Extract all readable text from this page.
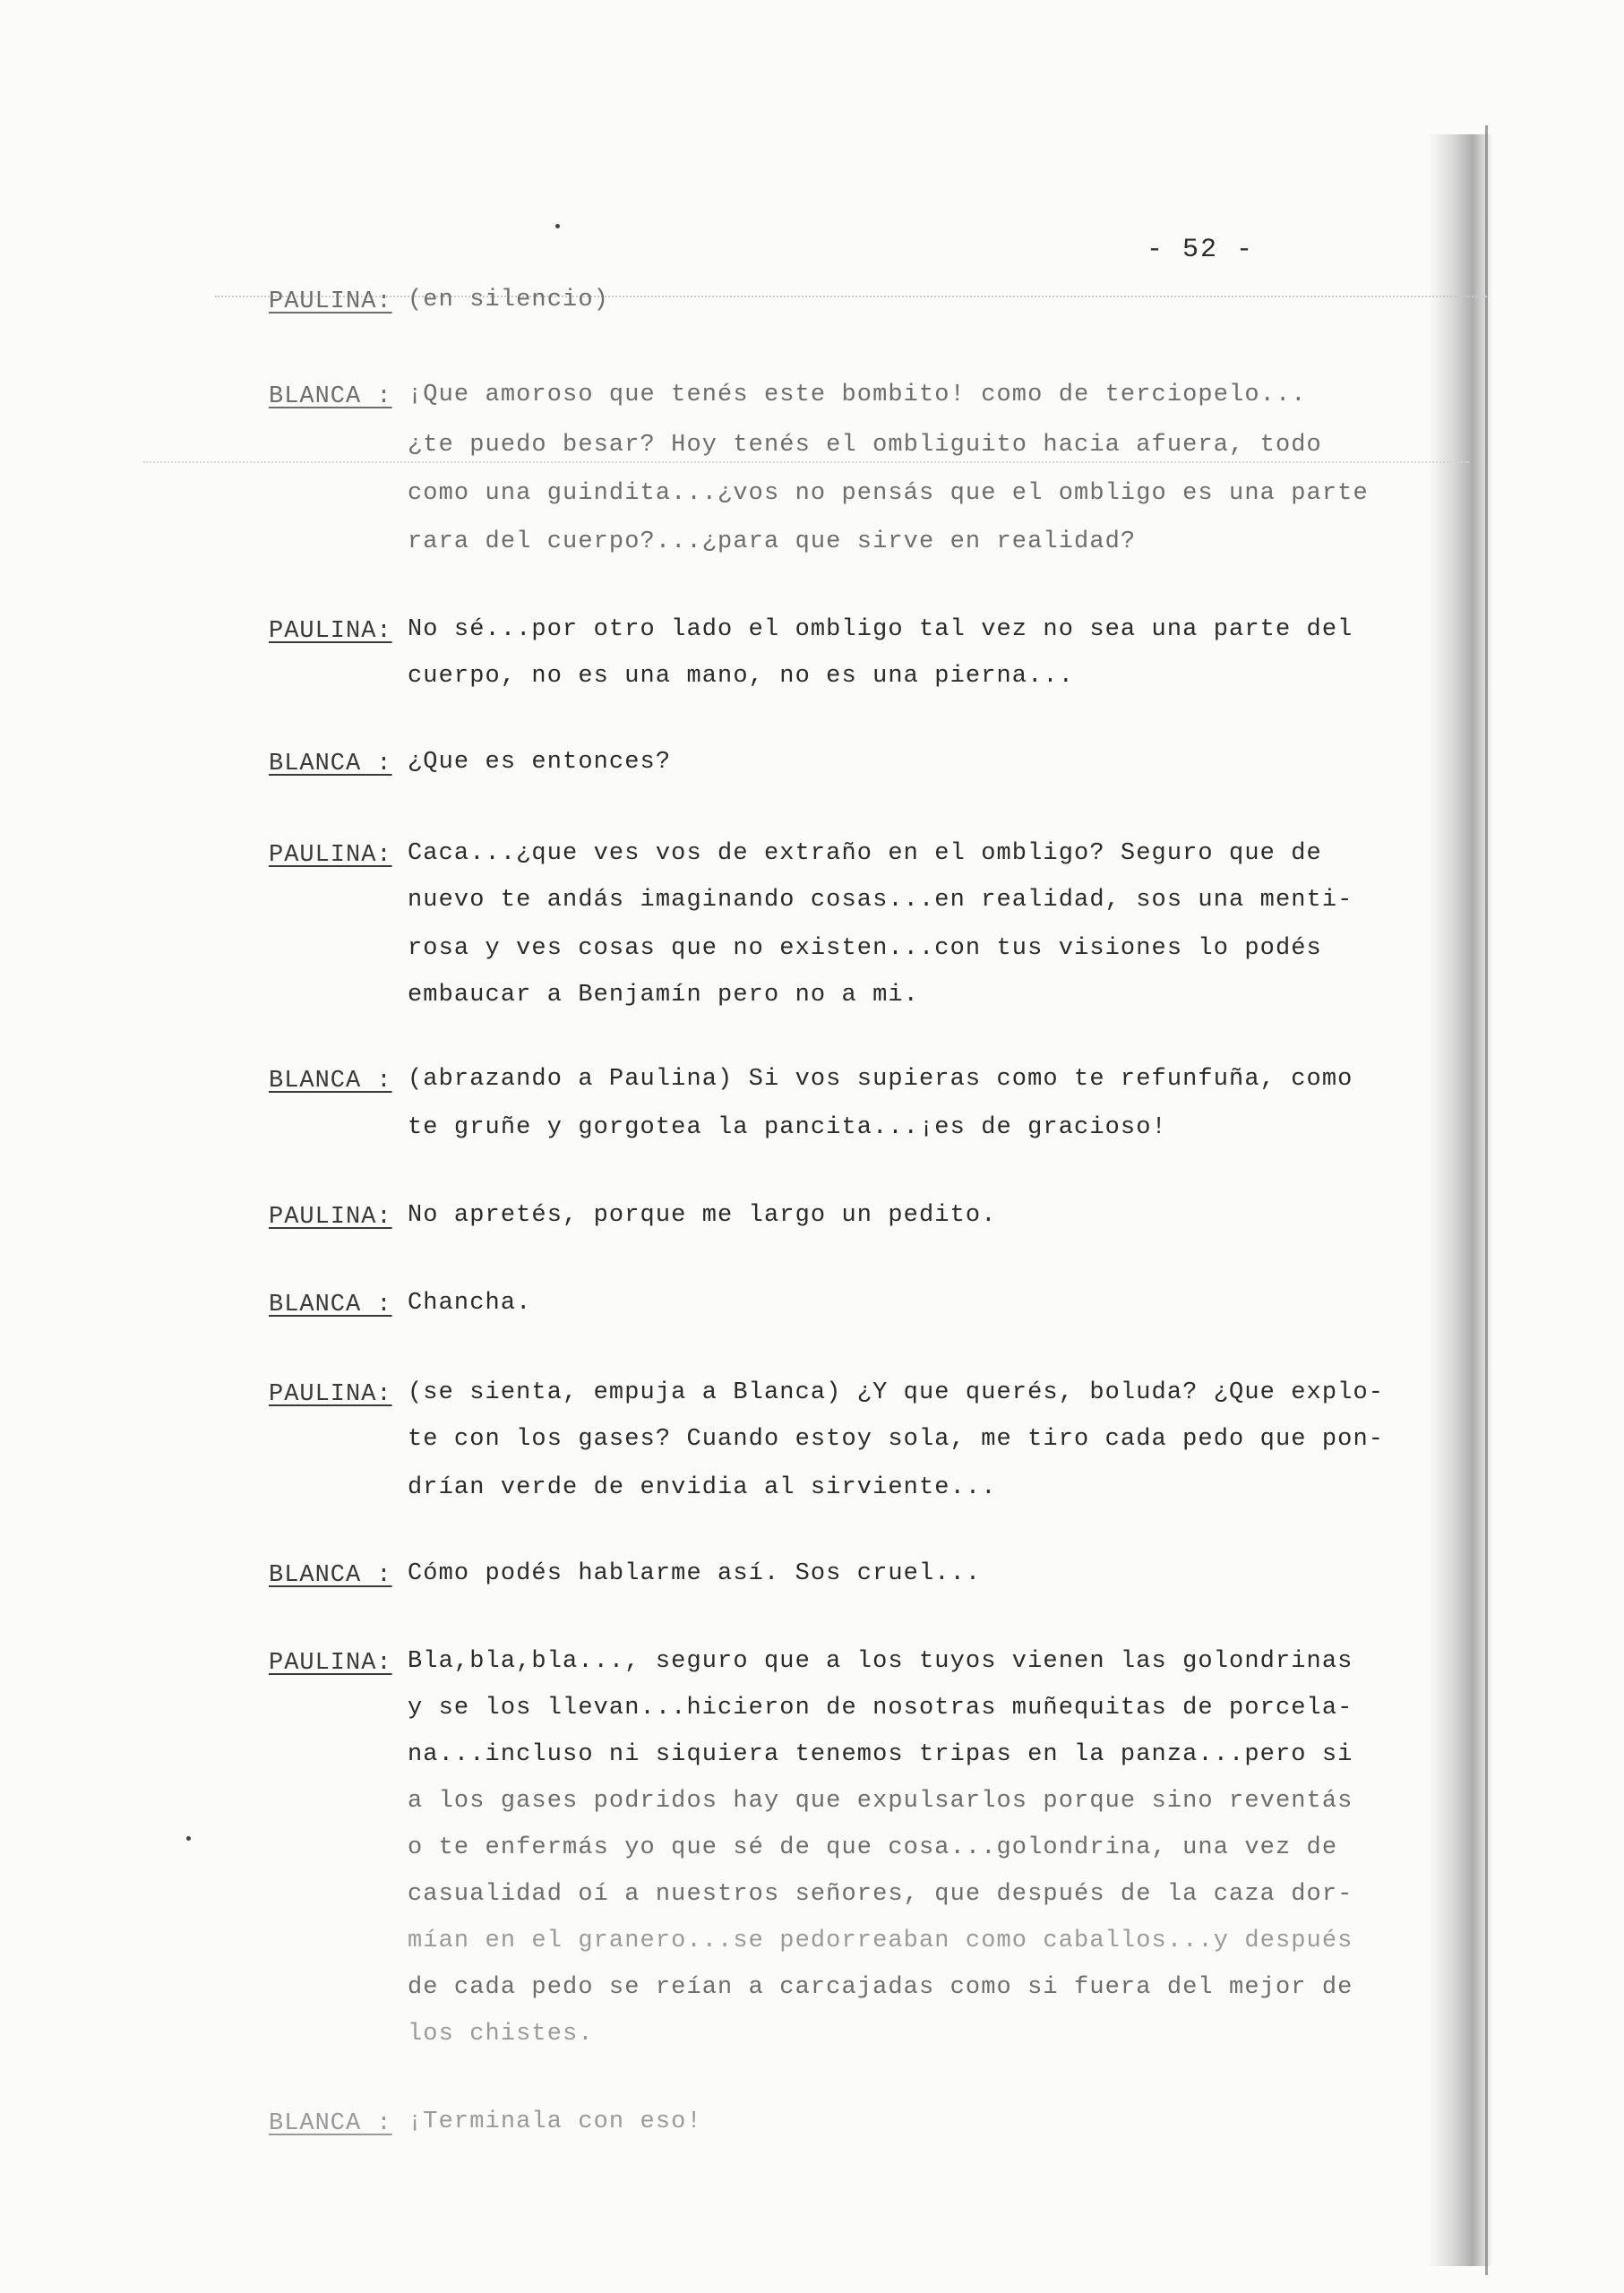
- 52 -
PAULINA: (en silencio)
BLANCA : ¡Que amoroso que tenés este bombito! como de terciopelo...
¿te puedo besar? Hoy tenés el ombliguito hacia afuera, todo
como una guindita...¿vos no pensás que el ombligo es una parte
rara del cuerpo?...¿para que sirve en realidad?
PAULINA: No sé...por otro lado el ombligo tal vez no sea una parte del
cuerpo, no es una mano, no es una pierna...
BLANCA : ¿Que es entonces?
PAULINA: Caca...¿que ves vos de extraño en el ombligo? Seguro que de
nuevo te andás imaginando cosas...en realidad, sos una menti-
rosa y ves cosas que no existen...con tus visiones lo podés
embaucar a Benjamín pero no a mi.
BLANCA : (abrazando a Paulina) Si vos supieras como te refunfuña, como
te gruñe y gorgotea la pancita...¡es de gracioso!
PAULINA: No apretés, porque me largo un pedito.
BLANCA : Chancha.
PAULINA: (se sienta, empuja a Blanca) ¿Y que querés, boluda? ¿Que explo-
te con los gases? Cuando estoy sola, me tiro cada pedo que pon-
drían verde de envidia al sirviente...
BLANCA : Cómo podés hablarme así. Sos cruel...
PAULINA: Bla,bla,bla..., seguro que a los tuyos vienen las golondrinas
y se los llevan...hicieron de nosotras muñequitas de porcela-
na...incluso ni siquiera tenemos tripas en la panza...pero si
a los gases podridos hay que expulsarlos porque sino reventás
o te enfermás yo que sé de que cosa...golondrina, una vez de
casualidad oí a nuestros señores, que después de la caza dor-
mían en el granero...se pedorreaban como caballos...y después
de cada pedo se reían a carcajadas como si fuera del mejor de
los chistes.
BLANCA : ¡Terminala con eso!
